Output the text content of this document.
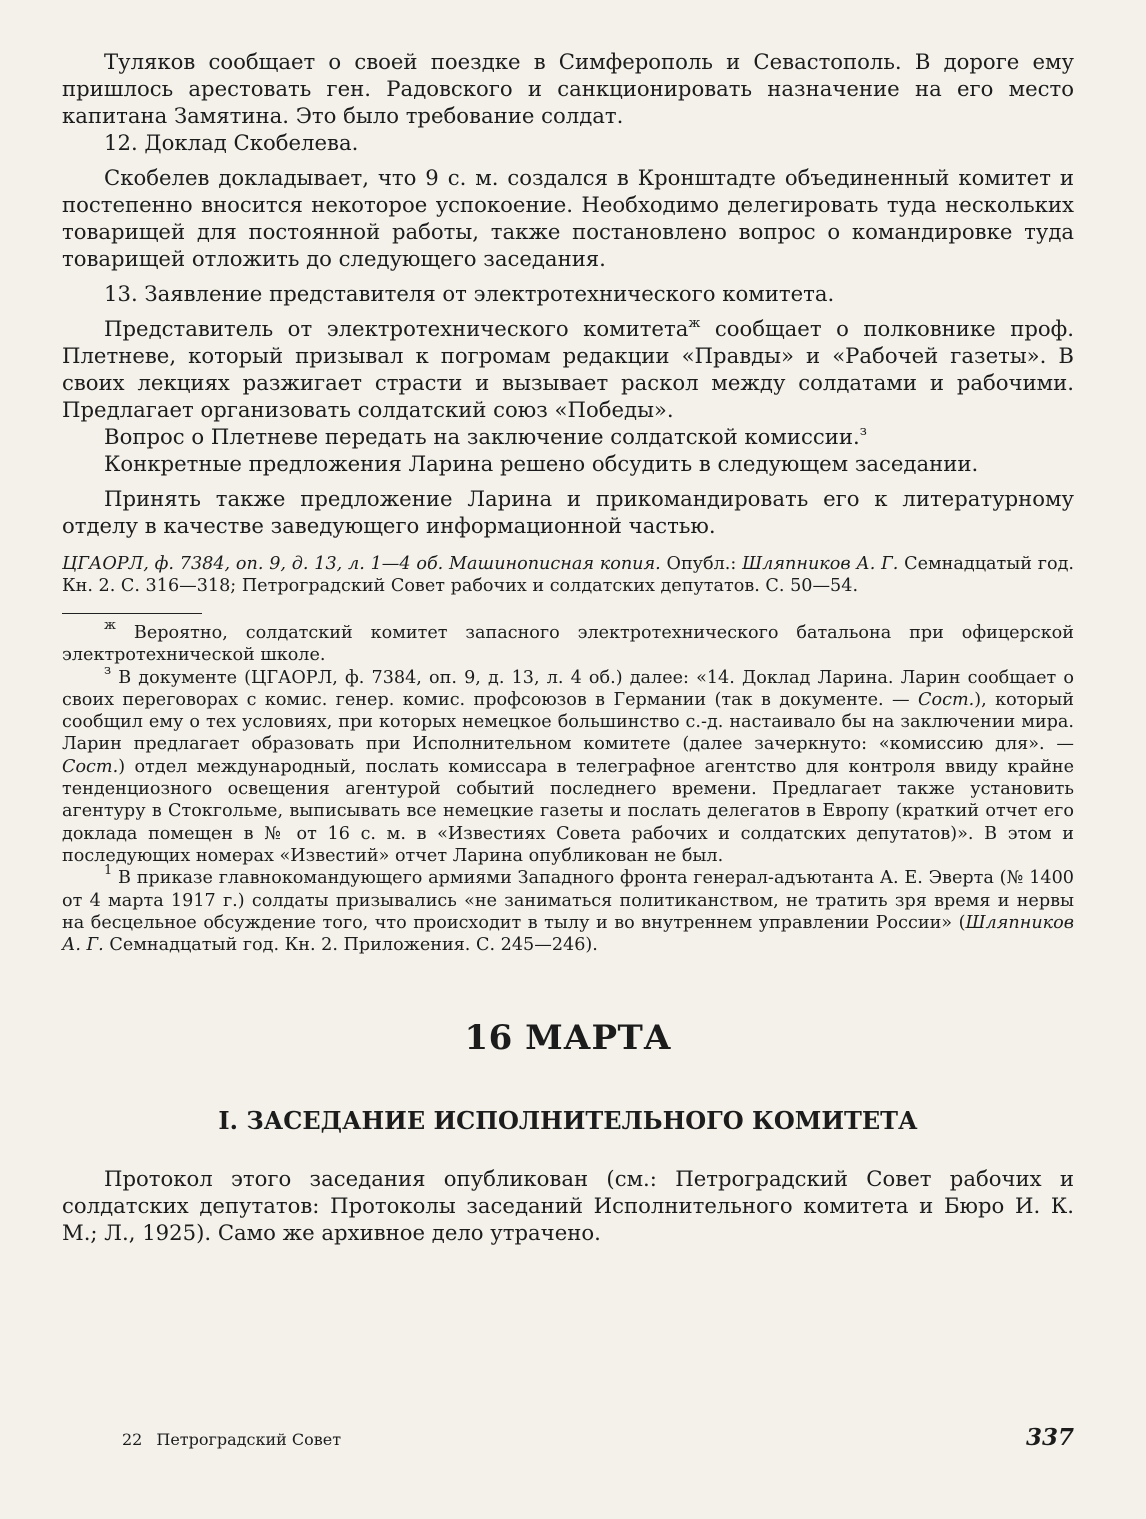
Туляков сообщает о своей поездке в Симферополь и Севастополь. В дороге ему пришлось арестовать ген. Радовского и санкционировать назначение на его место капитана Замятина. Это было требование солдат.

12. Доклад Скобелева.

Скобелев докладывает, что 9 с. м. создался в Кронштадте объединенный комитет и постепенно вносится некоторое успокоение. Необходимо делегировать туда нескольких товарищей для постоянной работы, также постановлено вопрос о командировке туда товарищей отложить до следующего заседания.

13. Заявление представителя от электротехнического комитета.

Представитель от электротехнического комитета$^ж$ сообщает о полковнике проф. Плетневе, который призывал к погромам редакции «Правды» и «Рабочей газеты». В своих лекциях разжигает страсти и вызывает раскол между солдатами и рабочими. Предлагает организовать солдатский союз «Победы».

Вопрос о Плетневе передать на заключение солдатской комиссии.$^з$

Конкретные предложения Ларина решено обсудить в следующем заседании.

Принять также предложение Ларина и прикомандировать его к литературному отделу в качестве заведующего информационной частью.

ЦГАОРЛ, ф. 7384, оп. 9, д. 13, л. 1—4 об. Машинописная копия. Опубл.: Шляпников А. Г. Семнадцатый год. Кн. 2. С. 316—318; Петроградский Совет рабочих и солдатских депутатов. С. 50—54.

$^ж$ Вероятно, солдатский комитет запасного электротехнического батальона при офицерской электротехнической школе.

$^з$ В документе (ЦГАОРЛ, ф. 7384, оп. 9, д. 13, л. 4 об.) далее: «14. Доклад Ларина. Ларин сообщает о своих переговорах с комис. генер. комис. профсоюзов в Германии (так в документе. — Сост.), который сообщил ему о тех условиях, при которых немецкое большинство с.-д. настаивало бы на заключении мира. Ларин предлагает образовать при Исполнительном комитете (далее зачеркнуто: «комиссию для». — Сост.) отдел международный, послать комиссара в телеграфное агентство для контроля ввиду крайне тенденциозного освещения агентурой событий последнего времени. Предлагает также установить агентуру в Стокгольме, выписывать все немецкие газеты и послать делегатов в Европу (краткий отчет его доклада помещен в № от 16 с. м. в «Известиях Совета рабочих и солдатских депутатов)». В этом и последующих номерах «Известий» отчет Ларина опубликован не был.

$^1$ В приказе главнокомандующего армиями Западного фронта генерал-адъютанта А. Е. Эверта (№ 1400 от 4 марта 1917 г.) солдаты призывались «не заниматься политиканством, не тратить зря время и нервы на бесцельное обсуждение того, что происходит в тылу и во внутреннем управлении России» (Шляпников А. Г. Семнадцатый год. Кн. 2. Приложения. С. 245—246).

16 МАРТА
I. ЗАСЕДАНИЕ ИСПОЛНИТЕЛЬНОГО КОМИТЕТА

Протокол этого заседания опубликован (см.: Петроградский Совет рабочих и солдатских депутатов: Протоколы заседаний Исполнительного комитета и Бюро И. К. М.; Л., 1925). Само же архивное дело утрачено.

22 Петроградский Совет	337
